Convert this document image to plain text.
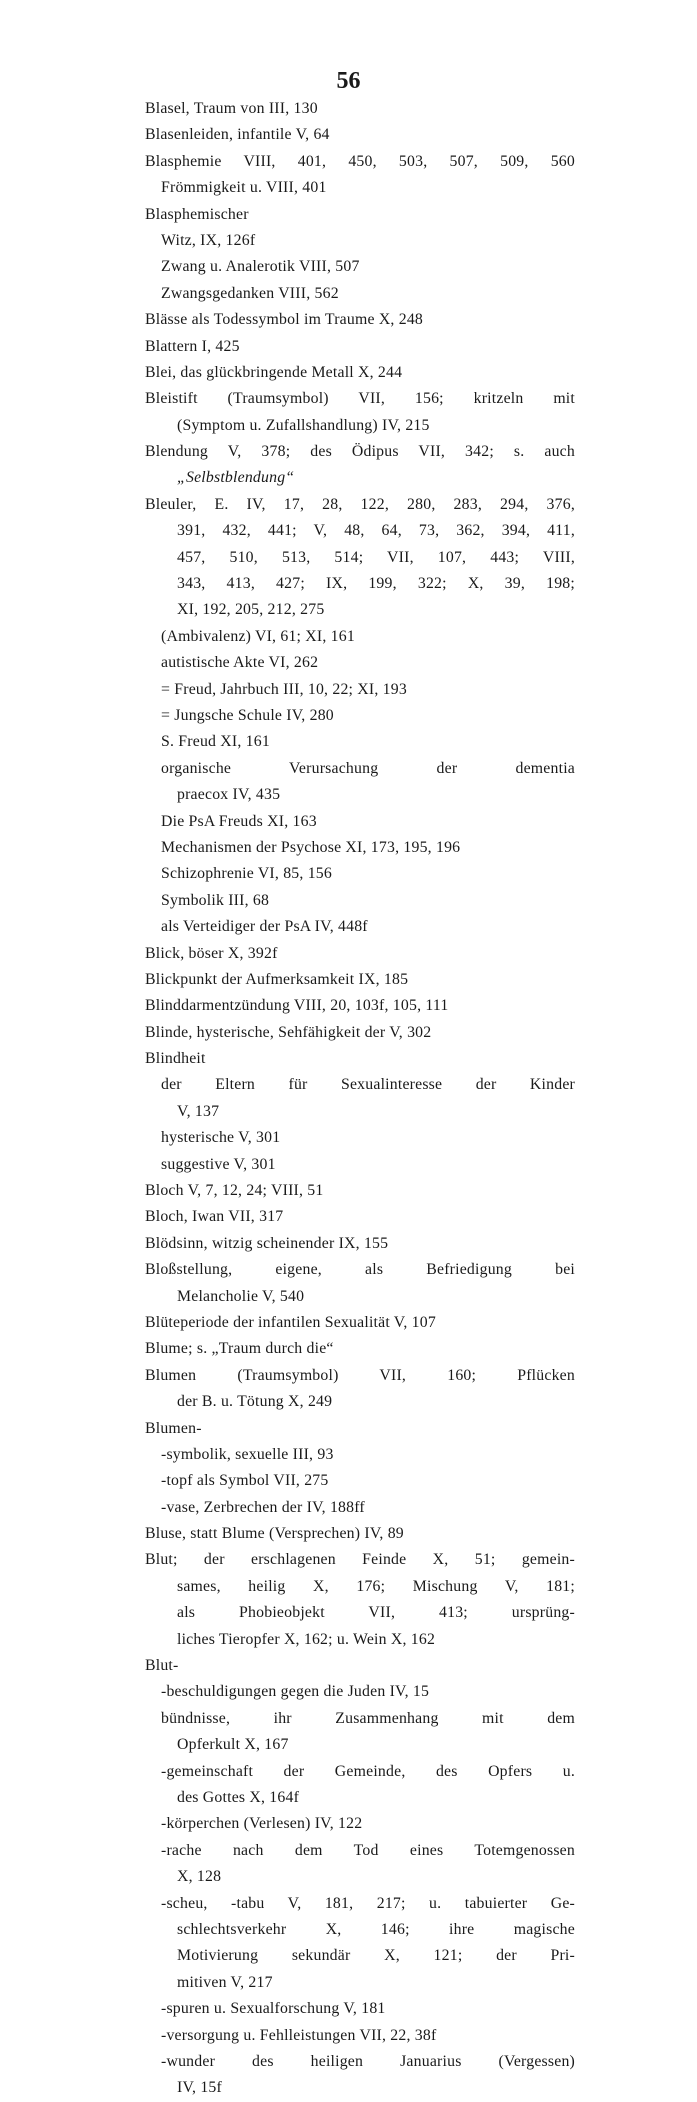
56
Blasel, Traum von III, 130
Blasenleiden, infantile V, 64
Blasphemie VIII, 401, 450, 503, 507, 509, 560
Frömmigkeit u. VIII, 401
Blasphemischer
Witz, IX, 126f
Zwang u. Analerotik VIII, 507
Zwangsgedanken VIII, 562
Blässe als Todessymbol im Traume X, 248
Blattern I, 425
Blei, das glückbringende Metall X, 244
Bleistift (Traumsymbol) VII, 156; kritzeln mit
(Symptom u. Zufallshandlung) IV, 215
Blendung V, 378; des Ödipus VII, 342; s. auch
„Selbstblendung“
Bleuler, E. IV, 17, 28, 122, 280, 283, 294, 376,
391, 432, 441; V, 48, 64, 73, 362, 394, 411,
457, 510, 513, 514; VII, 107, 443; VIII,
343, 413, 427; IX, 199, 322; X, 39, 198;
XI, 192, 205, 212, 275
(Ambivalenz) VI, 61; XI, 161
autistische Akte VI, 262
= Freud, Jahrbuch III, 10, 22; XI, 193
= Jungsche Schule IV, 280
S. Freud XI, 161
organische Verursachung der dementia
praecox IV, 435
Die PsA Freuds XI, 163
Mechanismen der Psychose XI, 173, 195, 196
Schizophrenie VI, 85, 156
Symbolik III, 68
als Verteidiger der PsA IV, 448f
Blick, böser X, 392f
Blickpunkt der Aufmerksamkeit IX, 185
Blinddarmentzündung VIII, 20, 103f, 105, 111
Blinde, hysterische, Sehfähigkeit der V, 302
Blindheit
der Eltern für Sexualinteresse der Kinder
V, 137
hysterische V, 301
suggestive V, 301
Bloch V, 7, 12, 24; VIII, 51
Bloch, Iwan VII, 317
Blödsinn, witzig scheinender IX, 155
Bloßstellung, eigene, als Befriedigung bei
Melancholie V, 540
Blüteperiode der infantilen Sexualität V, 107
Blume; s. „Traum durch die“
Blumen (Traumsymbol) VII, 160; Pflücken
der B. u. Tötung X, 249
Blumen-
-symbolik, sexuelle III, 93
-topf als Symbol VII, 275
-vase, Zerbrechen der IV, 188ff
Bluse, statt Blume (Versprechen) IV, 89
Blut; der erschlagenen Feinde X, 51; gemein-
sames, heilig X, 176; Mischung V, 181;
als Phobieobjekt VII, 413; ursprüng-
liches Tieropfer X, 162; u. Wein X, 162
Blut-
-beschuldigungen gegen die Juden IV, 15
bündnisse, ihr Zusammenhang mit dem
Opferkult X, 167
-gemeinschaft der Gemeinde, des Opfers u.
des Gottes X, 164f
-körperchen (Verlesen) IV, 122
-rache nach dem Tod eines Totemgenossen
X, 128
-scheu, -tabu V, 181, 217; u. tabuierter Ge-
schlechtsverkehr X, 146; ihre magische
Motivierung sekundär X, 121; der Pri-
mitiven V, 217
-spuren u. Sexualforschung V, 181
-versorgung u. Fehlleistungen VII, 22, 38f
-wunder des heiligen Januarius (Vergessen)
IV, 15f
